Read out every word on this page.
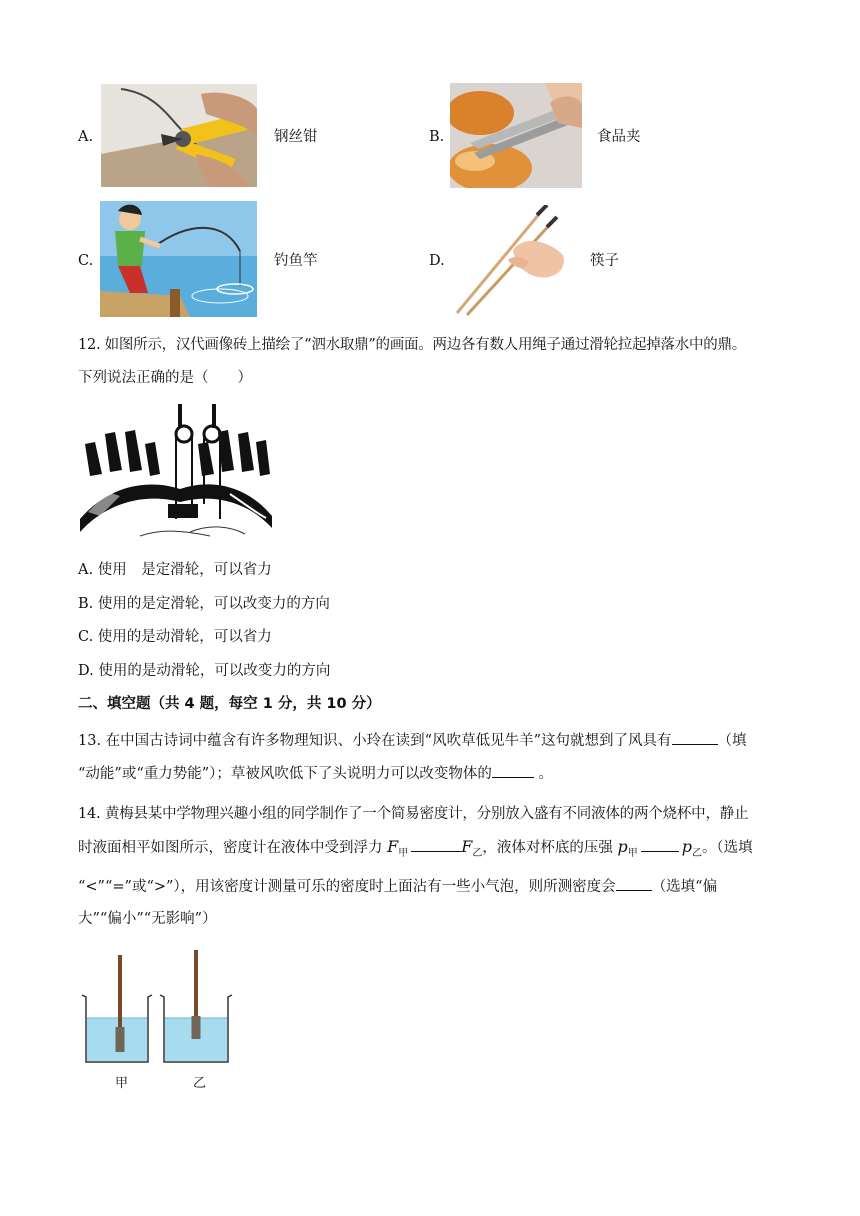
A.	钢丝钳	B.	食品夹
C.	钓鱼竿	D.	筷子
12. 如图所示，汉代画像砖上描绘了“泗水取鼎”的画面。两边各有数人用绳子通过滑轮拉起掉落水中的鼎。
下列说法正确的是（　　）
A. 使用　是定滑轮，可以省力
B. 使用的是定滑轮，可以改变力的方向
C. 使用的是动滑轮，可以省力
D. 使用的是动滑轮，可以改变力的方向
二、填空题（共 4 题，每空 1 分，共 10 分）
13. 在中国古诗词中蕴含有许多物理知识、小玲在读到“风吹草低见牛羊”这句就想到了风具有	（填
“动能”或“重力势能”）；草被风吹低下了头说明力可以改变物体的	。
14. 黄梅县某中学物理兴趣小组的同学制作了一个简易密度计，分别放入盛有不同液体的两个烧杯中，静止
时液面相平如图所示，密度计在液体中受到浮力 $F_甲$	$F_乙$，液体对杯底的压强 $p_甲$	$p_乙$。（选填
“<”“=”或“>”），用该密度计测量可乐的密度时上面沾有一些小气泡，则所测密度会 （选填“偏
大”“偏小”“无影响”）
甲	乙
